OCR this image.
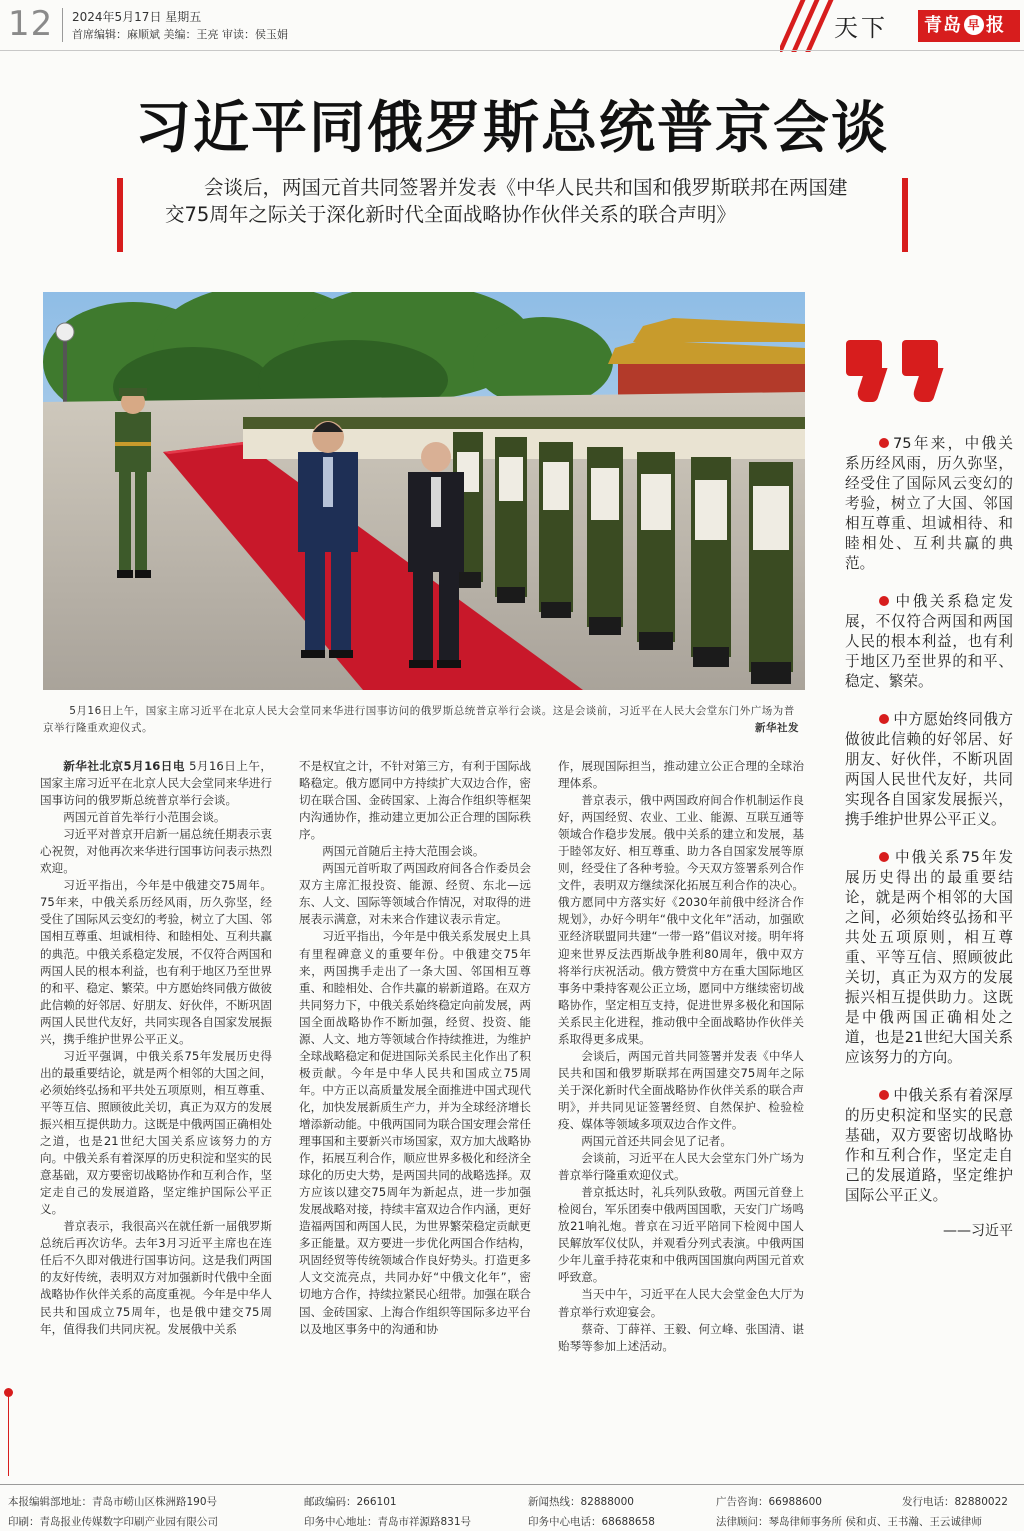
12 2024年5月17日 星期五
首席编辑：麻顺斌 美编：王亮 审读：侯玉娟	天下	青岛 早 报
习近平同俄罗斯总统普京会谈
会谈后，两国元首共同签署并发表《中华人民共和国和俄罗斯联邦在两国建交75周年之际关于深化新时代全面战略协作伙伴关系的联合声明》
5月16日上午，国家主席习近平在北京人民大会堂同来华进行国事访问的俄罗斯总统普京举行会谈。这是会谈前，习近平在人民大会堂东门外广场为普京举行隆重欢迎仪式。	新华社发

新华社北京5月16日电 5月16日上午，国家主席习近平在北京人民大会堂同来华进行国事访问的俄罗斯总统普京举行会谈。

两国元首首先举行小范围会谈。

习近平对普京开启新一届总统任期表示衷心祝贺，对他再次来华进行国事访问表示热烈欢迎。

习近平指出，今年是中俄建交75周年。75年来，中俄关系历经风雨，历久弥坚，经受住了国际风云变幻的考验，树立了大国、邻国相互尊重、坦诚相待、和睦相处、互利共赢的典范。中俄关系稳定发展，不仅符合两国和两国人民的根本利益，也有利于地区乃至世界的和平、稳定、繁荣。中方愿始终同俄方做彼此信赖的好邻居、好朋友、好伙伴，不断巩固两国人民世代友好，共同实现各自国家发展振兴，携手维护世界公平正义。

习近平强调，中俄关系75年发展历史得出的最重要结论，就是两个相邻的大国之间，必须始终弘扬和平共处五项原则，相互尊重、平等互信、照顾彼此关切，真正为双方的发展振兴相互提供助力。这既是中俄两国正确相处之道，也是21世纪大国关系应该努力的方向。中俄关系有着深厚的历史积淀和坚实的民意基础，双方要密切战略协作和互利合作，坚定走自己的发展道路，坚定维护国际公平正义。

普京表示，我很高兴在就任新一届俄罗斯总统后再次访华。去年3月习近平主席也在连任后不久即对俄进行国事访问。这是我们两国的友好传统，表明双方对加强新时代俄中全面战略协作伙伴关系的高度重视。今年是中华人民共和国成立75周年，也是俄中建交75周年，值得我们共同庆祝。发展俄中关系

不是权宜之计，不针对第三方，有利于国际战略稳定。俄方愿同中方持续扩大双边合作，密切在联合国、金砖国家、上海合作组织等框架内沟通协作，推动建立更加公正合理的国际秩序。

两国元首随后主持大范围会谈。

两国元首听取了两国政府间各合作委员会双方主席汇报投资、能源、经贸、东北—远东、人文、国际等领域合作情况，对取得的进展表示满意，对未来合作建议表示肯定。

习近平指出，今年是中俄关系发展史上具有里程碑意义的重要年份。中俄建交75年来，两国携手走出了一条大国、邻国相互尊重、和睦相处、合作共赢的崭新道路。在双方共同努力下，中俄关系始终稳定向前发展，两国全面战略协作不断加强，经贸、投资、能源、人文、地方等领域合作持续推进，为维护全球战略稳定和促进国际关系民主化作出了积极贡献。今年是中华人民共和国成立75周年。中方正以高质量发展全面推进中国式现代化，加快发展新质生产力，并为全球经济增长增添新动能。中俄两国同为联合国安理会常任理事国和主要新兴市场国家，双方加大战略协作，拓展互利合作，顺应世界多极化和经济全球化的历史大势，是两国共同的战略选择。双方应该以建交75周年为新起点，进一步加强发展战略对接，持续丰富双边合作内涵，更好造福两国和两国人民，为世界繁荣稳定贡献更多正能量。双方要进一步优化两国合作结构，巩固经贸等传统领域合作良好势头。打造更多人文交流亮点，共同办好“中俄文化年”，密切地方合作，持续拉紧民心纽带。加强在联合国、金砖国家、上海合作组织等国际多边平台以及地区事务中的沟通和协

作，展现国际担当，推动建立公正合理的全球治理体系。

普京表示，俄中两国政府间合作机制运作良好，两国经贸、农业、工业、能源、互联互通等领域合作稳步发展。俄中关系的建立和发展，基于睦邻友好、相互尊重、助力各自国家发展等原则，经受住了各种考验。今天双方签署系列合作文件，表明双方继续深化拓展互利合作的决心。俄方愿同中方落实好《2030年前俄中经济合作规划》，办好今明年“俄中文化年”活动，加强欧亚经济联盟同共建“一带一路”倡议对接。明年将迎来世界反法西斯战争胜利80周年，俄中双方将举行庆祝活动。俄方赞赏中方在重大国际地区事务中秉持客观公正立场，愿同中方继续密切战略协作，坚定相互支持，促进世界多极化和国际关系民主化进程，推动俄中全面战略协作伙伴关系取得更多成果。

会谈后，两国元首共同签署并发表《中华人民共和国和俄罗斯联邦在两国建交75周年之际关于深化新时代全面战略协作伙伴关系的联合声明》，并共同见证签署经贸、自然保护、检验检疫、媒体等领域多项双边合作文件。

两国元首还共同会见了记者。

会谈前，习近平在人民大会堂东门外广场为普京举行隆重欢迎仪式。

普京抵达时，礼兵列队致敬。两国元首登上检阅台，军乐团奏中俄两国国歌，天安门广场鸣放21响礼炮。普京在习近平陪同下检阅中国人民解放军仪仗队，并观看分列式表演。中俄两国少年儿童手持花束和中俄两国国旗向两国元首欢呼致意。

当天中午，习近平在人民大会堂金色大厅为普京举行欢迎宴会。

蔡奇、丁薛祥、王毅、何立峰、张国清、谌贻琴等参加上述活动。

75年来，中俄关系历经风雨，历久弥坚，经受住了国际风云变幻的考验，树立了大国、邻国相互尊重、坦诚相待、和睦相处、互利共赢的典范。

中俄关系稳定发展，不仅符合两国和两国人民的根本利益，也有利于地区乃至世界的和平、稳定、繁荣。

中方愿始终同俄方做彼此信赖的好邻居、好朋友、好伙伴，不断巩固两国人民世代友好，共同实现各自国家发展振兴，携手维护世界公平正义。

中俄关系75年发展历史得出的最重要结论，就是两个相邻的大国之间，必须始终弘扬和平共处五项原则，相互尊重、平等互信、照顾彼此关切，真正为双方的发展振兴相互提供助力。这既是中俄两国正确相处之道，也是21世纪大国关系应该努力的方向。

中俄关系有着深厚的历史积淀和坚实的民意基础，双方要密切战略协作和互利合作，坚定走自己的发展道路，坚定维护国际公平正义。

——习近平

本报编辑部地址：青岛市崂山区株洲路190号	邮政编码：266101	新闻热线：82888000	广告咨询：66988600	发行电话：82880022
印刷：青岛报业传媒数字印刷产业园有限公司	印务中心地址：青岛市祥源路831号	印务中心电话：68688658	法律顾问：琴岛律师事务所 侯和贞、王书瀚、王云诚律师
